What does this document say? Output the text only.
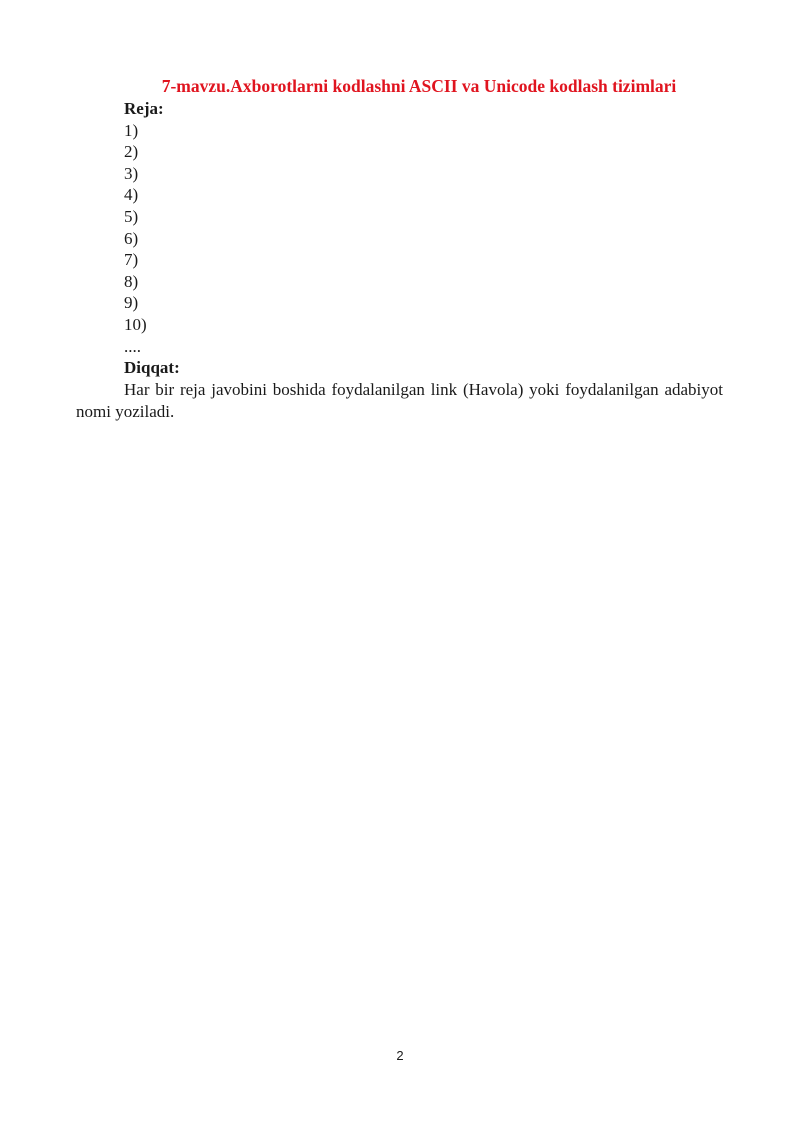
7-mavzu.Axborotlarni kodlashni ASCII va Unicode kodlash tizimlari
Reja:
1)
2)
3)
4)
5)
6)
7)
8)
9)
10)
....
Diqqat:
Har bir reja javobini boshida foydalanilgan link (Havola) yoki foydalanilgan adabiyot nomi yoziladi.
2
